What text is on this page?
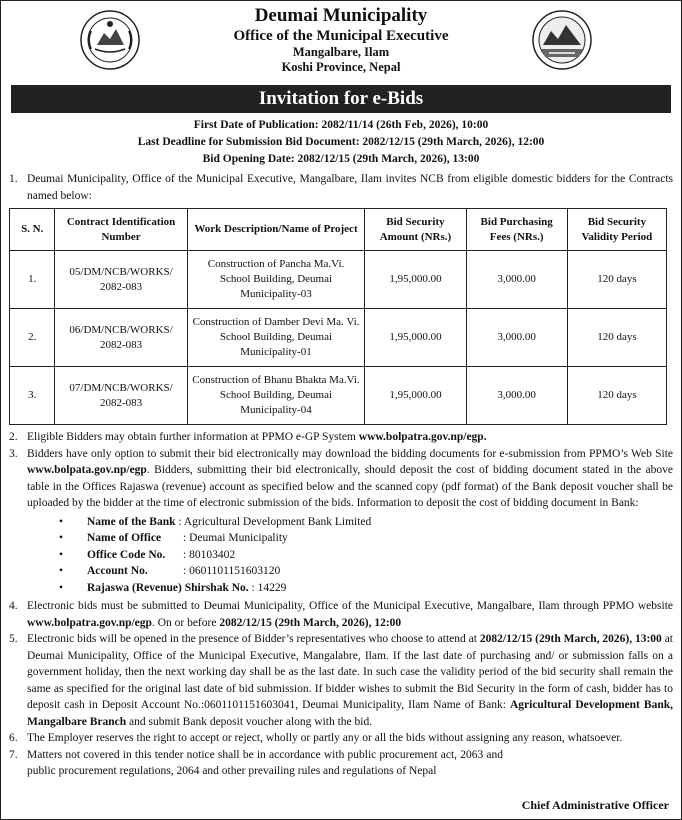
Deumai Municipality
Office of the Municipal Executive
Mangalbare, Ilam
Koshi Province, Nepal
Invitation for e-Bids
First Date of Publication: 2082/11/14 (26th Feb, 2026), 10:00
Last Deadline for Submission Bid Document: 2082/12/15 (29th March, 2026), 12:00
Bid Opening Date: 2082/12/15 (29th March, 2026), 13:00
1. Deumai Municipality, Office of the Municipal Executive, Mangalbare, Ilam invites NCB from eligible domestic bidders for the Contracts named below:
S. N.	Contract Identification Number	Work Description/Name of Project	Bid Security Amount (NRs.)	Bid Purchasing Fees (NRs.)	Bid Security Validity Period
1.	05/DM/NCB/WORKS/ 2082-083	Construction of Pancha Ma.Vi. School Building, Deumai Municipality-03	1,95,000.00	3,000.00	120 days
2.	06/DM/NCB/WORKS/ 2082-083	Construction of Damber Devi Ma. Vi. School Building, Deumai Municipality-01	1,95,000.00	3,000.00	120 days
3.	07/DM/NCB/WORKS/ 2082-083	Construction of Bhanu Bhakta Ma.Vi. School Building, Deumai Municipality-04	1,95,000.00	3,000.00	120 days
2. Eligible Bidders may obtain further information at PPMO e-GP System www.bolpatra.gov.np/egp.
3. Bidders have only option to submit their bid electronically may download the bidding documents for e-submission from PPMO’s Web Site www.bolpata.gov.np/egp. Bidders, submitting their bid electronically, should deposit the cost of bidding document stated in the above table in the Offices Rajaswa (revenue) account as specified below and the scanned copy (pdf format) of the Bank deposit voucher shall be uploaded by the bidder at the time of electronic submission of the bids. Information to deposit the cost of bidding document in Bank:
•	Name of the Bank
: Agricultural Development Bank Limited
•	Name of Office	: Deumai Municipality
•	Office Code No.	: 80103402
•	Account No.	: 0601101151603120
•	Rajaswa (Revenue) Shirshak No.
: 14229
4. Electronic bids must be submitted to Deumai Municipality, Office of the Municipal Executive, Mangalbare, Ilam through PPMO website www.bolpatra.gov.np/egp. On or before 2082/12/15 (29th March, 2026), 12:00
5. Electronic bids will be opened in the presence of Bidder’s representatives who choose to attend at 2082/12/15 (29th March, 2026), 13:00 at Deumai Municipality, Office of the Municipal Executive, Mangalabre, Ilam. If the last date of purchasing and/ or submission falls on a government holiday, then the next working day shall be as the last date. In such case the validity period of the bid security shall remain the same as specified for the original last date of bid submission. If bidder wishes to submit the Bid Security in the form of cash, bidder has to deposit cash in Deposit Account No.:0601101151603041, Deumai Municipality, Ilam Name of Bank: Agricultural Development Bank, Mangalbare Branch and submit Bank deposit voucher along with the bid.
6. The Employer reserves the right to accept or reject, wholly or partly any or all the bids without assigning any reason, whatsoever.
7. Matters not covered in this tender notice shall be in accordance with public procurement act, 2063 and public procurement regulations, 2064 and other prevailing rules and regulations of Nepal
Chief Administrative Officer
